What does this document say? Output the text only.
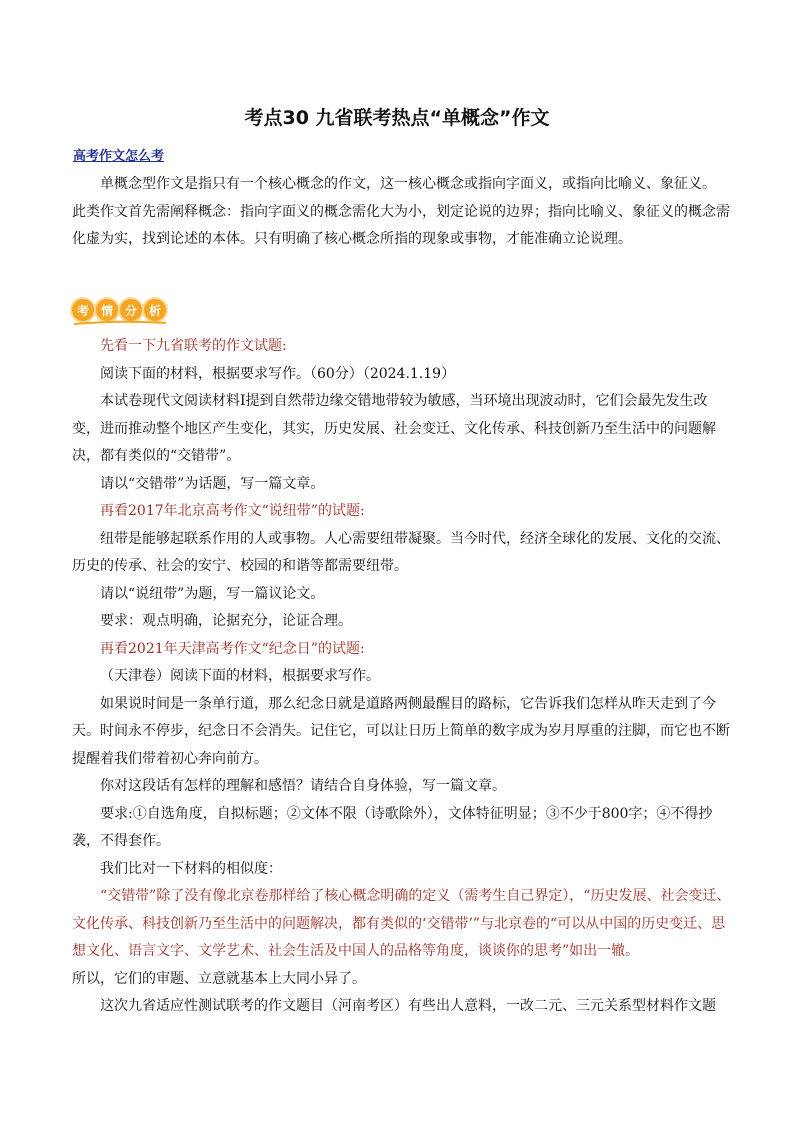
考点30 九省联考热点“单概念”作文
高考作文怎么考

单概念型作文是指只有一个核心概念的作文，这一核心概念或指向字面义，或指向比喻义、象征义。

此类作文首先需阐释概念：指向字面义的概念需化大为小，划定论说的边界；指向比喻义、象征义的概念需化虚为实，找到论述的本体。只有明确了核心概念所指的现象或事物，才能准确立论说理。

考 情 分 析

先看一下九省联考的作文试题:

阅读下面的材料，根据要求写作。（60分）（2024.1.19）

本试卷现代文阅读材料Ⅰ提到自然带边缘交错地带较为敏感，当环境出现波动时，它们会最先发生改变，进而推动整个地区产生变化，其实，历史发展、社会变迁、文化传承、科技创新乃至生活中的问题解决，都有类似的“交错带”。

请以“交错带”为话题，写一篇文章。

再看2017年北京高考作文“说纽带”的试题:

纽带是能够起联系作用的人或事物。人心需要纽带凝聚。当今时代，经济全球化的发展、文化的交流、历史的传承、社会的安宁、校园的和谐等都需要纽带。

请以“说纽带”为题，写一篇议论文。

要求：观点明确，论据充分，论证合理。

再看2021年天津高考作文“纪念日”的试题:

（天津卷）阅读下面的材料，根据要求写作。

如果说时间是一条单行道，那么纪念日就是道路两侧最醒目的路标，它告诉我们怎样从昨天走到了今天。时间永不停步，纪念日不会消失。记住它，可以让日历上简单的数字成为岁月厚重的注脚，而它也不断提醒着我们带着初心奔向前方。

你对这段话有怎样的理解和感悟？请结合自身体验，写一篇文章。

要求:①自选角度，自拟标题；②文体不限（诗歌除外），文体特征明显；③不少于800字；④不得抄袭，不得套作。

我们比对一下材料的相似度：

“交错带”除了没有像北京卷那样给了核心概念明确的定义（需考生自己界定），“历史发展、社会变迁、文化传承、科技创新乃至生活中的问题解决，都有类似的‘交错带’”与北京卷的“可以从中国的历史变迁、思想文化、语言文字、文学艺术、社会生活及中国人的品格等角度，谈谈你的思考”如出一辙。

所以，它们的审题、立意就基本上大同小异了。

这次九省适应性测试联考的作文题目（河南考区）有些出人意料，一改二元、三元关系型材料作文题
